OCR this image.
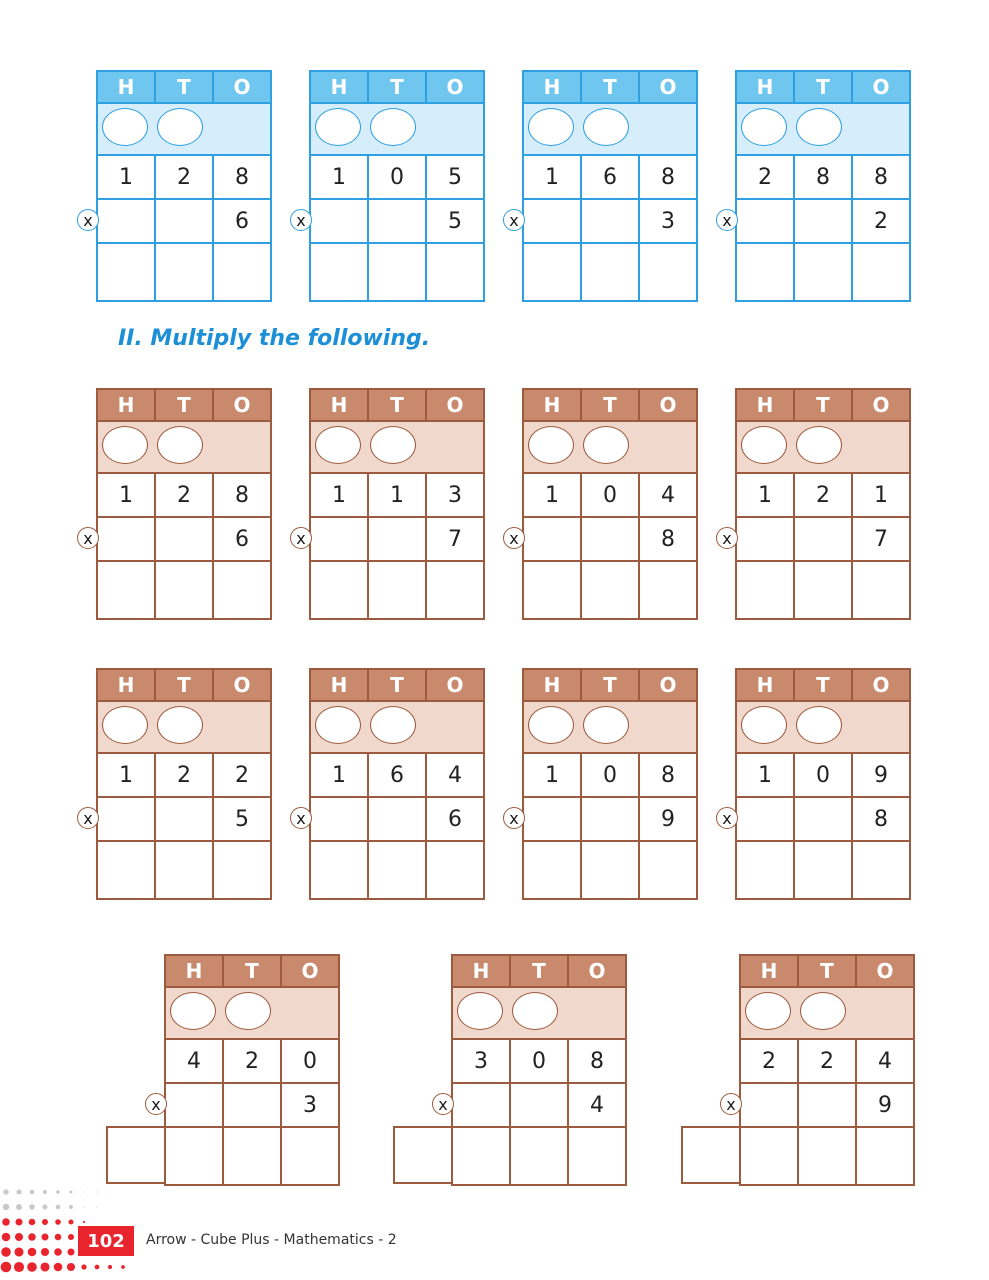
II. Multiply the following.
H	T	O

1	2	8
		6

x
H	T	O

1	0	5
		5

x
H	T	O

1	6	8
		3

x
H	T	O

2	8	8
		2

x
H	T	O

1	2	8
		6

x
H	T	O

1	1	3
		7

x
H	T	O

1	0	4
		8

x
H	T	O

1	2	1
		7

x
H	T	O

1	2	2
		5

x
H	T	O

1	6	4
		6

x
H	T	O

1	0	8
		9

x
H	T	O

1	0	9
		8

x
H	T	O

4	2	0
		3

x
H	T	O

3	0	8
		4

x
H	T	O

2	2	4
		9

x
102	Arrow - Cube Plus - Mathematics - 2
